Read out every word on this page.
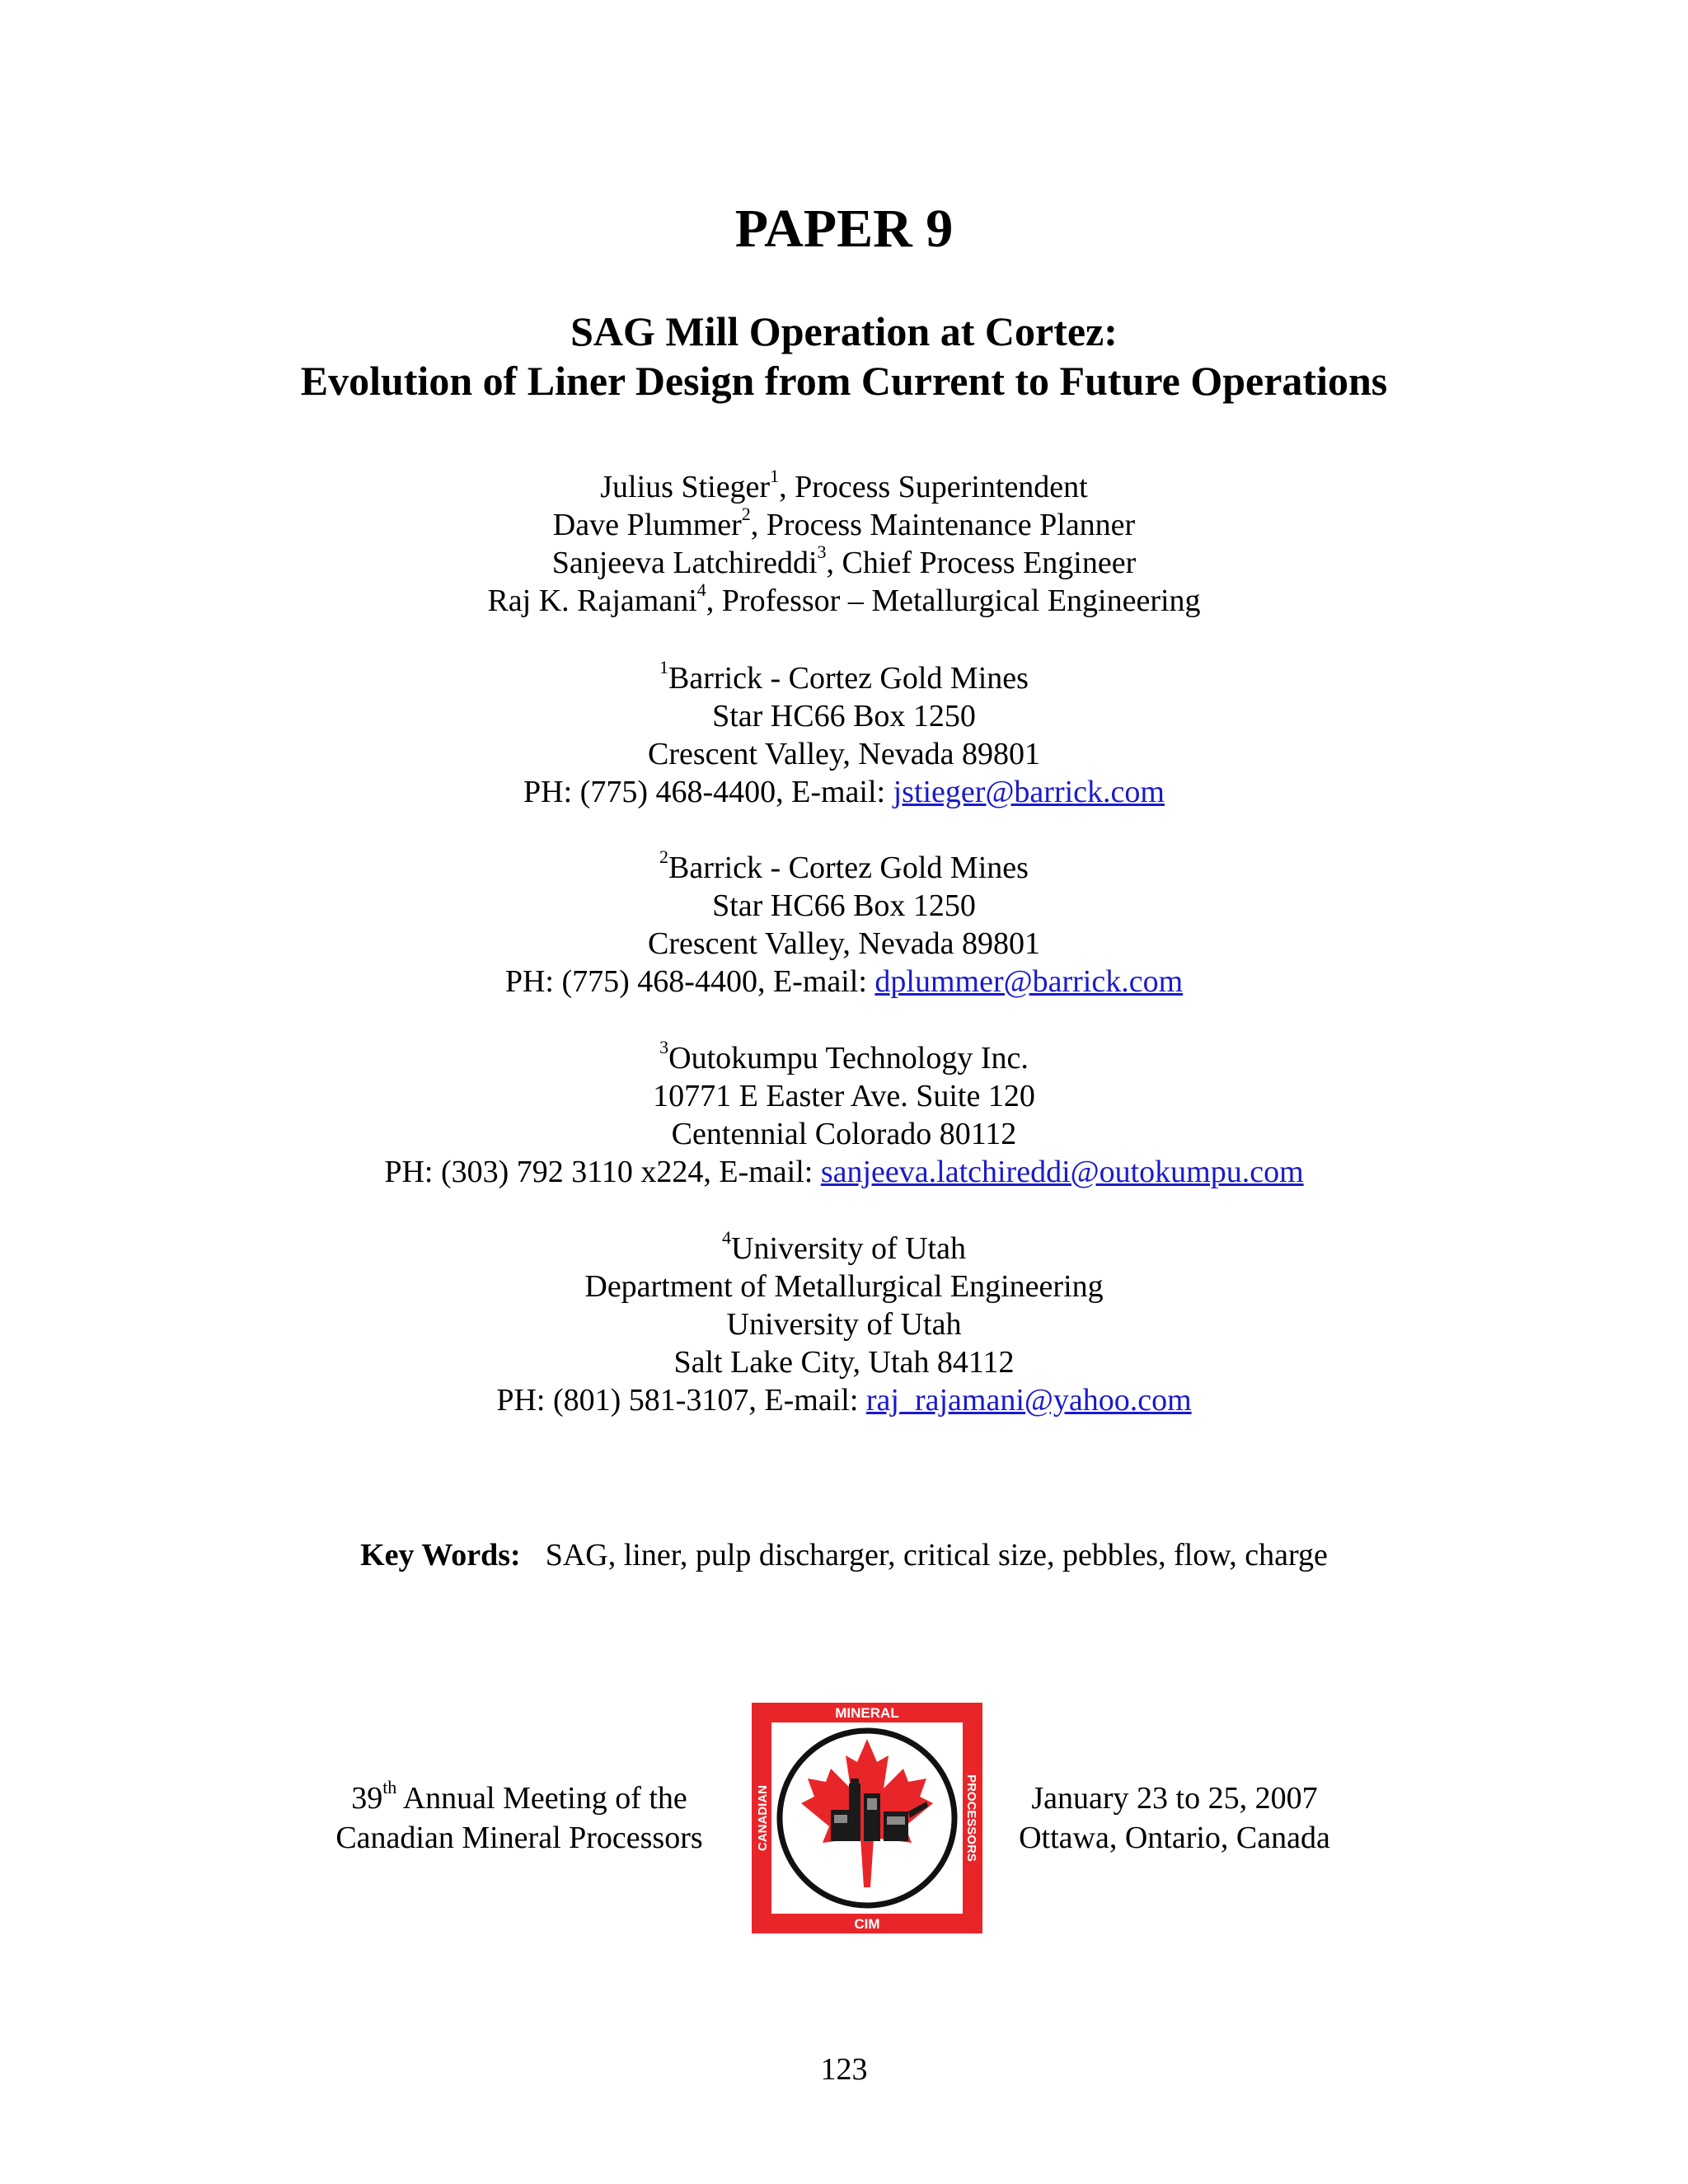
PAPER 9
SAG Mill Operation at Cortez:
Evolution of Liner Design from Current to Future Operations
Julius Stieger$^1$, Process Superintendent
Dave Plummer$^2$, Process Maintenance Planner
Sanjeeva Latchireddi$^3$, Chief Process Engineer
Raj K. Rajamani$^4$, Professor – Metallurgical Engineering
$^1$Barrick - Cortez Gold Mines
Star HC66 Box 1250
Crescent Valley, Nevada 89801
PH: (775) 468-4400, E-mail: jstieger@barrick.com
$^2$Barrick - Cortez Gold Mines
Star HC66 Box 1250
Crescent Valley, Nevada 89801
PH: (775) 468-4400, E-mail: dplummer@barrick.com
$^3$Outokumpu Technology Inc.
10771 E Easter Ave. Suite 120
Centennial Colorado 80112
PH: (303) 792 3110 x224, E-mail: sanjeeva.latchireddi@outokumpu.com
$^4$University of Utah
Department of Metallurgical Engineering
University of Utah
Salt Lake City, Utah 84112
PH: (801) 581-3107, E-mail: raj_rajamani@yahoo.com
Key Words: SAG, liner, pulp discharger, critical size, pebbles, flow, charge
39th Annual Meeting of the
Canadian Mineral Processors
MINERAL
CIM
CANADIAN	PROCESSORS	January 23 to 25, 2007
Ottawa, Ontario, Canada
123
